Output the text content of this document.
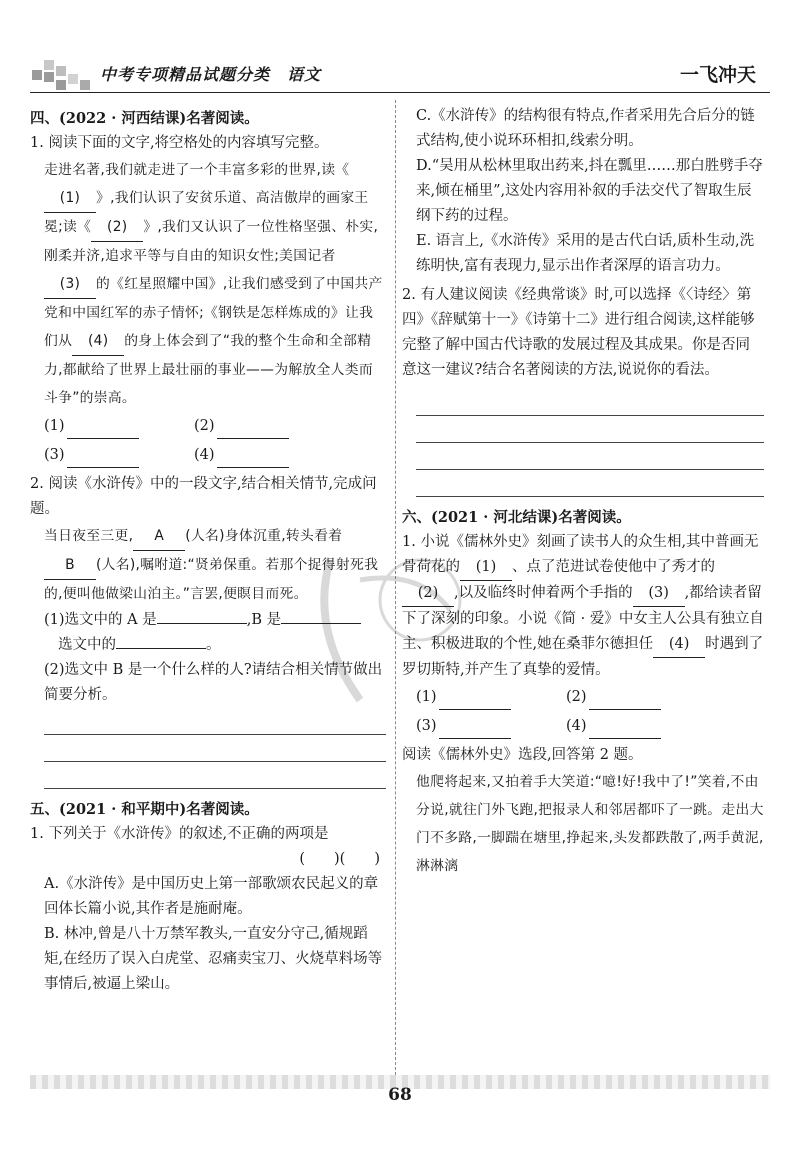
中考专项精品试题分类　语文	一飞冲天
四、(2022 · 河西结课)名著阅读。
1. 阅读下面的文字,将空格处的内容填写完整。
走进名著,我们就走进了一个丰富多彩的世界,读《(1) 》,我们认识了安贫乐道、高洁傲岸的画家王冕;读《 (2) 》,我们又认识了一位性格坚强、朴实,刚柔并济,追求平等与自由的知识女性;美国记者(3) 的《红星照耀中国》,让我们感受到了中国共产党和中国红军的赤子情怀;《钢铁是怎样炼成的》让我们从 (4) 的身上体会到了“我的整个生命和全部精力,都献给了世界上最壮丽的事业——为解放全人类而斗争”的崇高。
(1)	(2)
(3)	(4)
2. 阅读《水浒传》中的一段文字,结合相关情节,完成问题。
当日夜至三更, A (人名)身体沉重,转头看着B (人名),嘱咐道:“贤弟保重。若那个捉得射死我的,便叫他做梁山泊主。”言罢,便瞑目而死。
(1)选文中的 A 是	,B 是
选文中的	。
(2)选文中 B 是一个什么样的人?请结合相关情节做出简要分析。
五、(2021 · 和平期中)名著阅读。
1. 下列关于《水浒传》的叙述,不正确的两项是
(　　)(　　)
A.《水浒传》是中国历史上第一部歌颂农民起义的章回体长篇小说,其作者是施耐庵。
B. 林冲,曾是八十万禁军教头,一直安分守己,循规蹈矩,在经历了误入白虎堂、忍痛卖宝刀、火烧草料场等事情后,被逼上梁山。
C.《水浒传》的结构很有特点,作者采用先合后分的链式结构,使小说环环相扣,线索分明。
D.“吴用从松林里取出药来,抖在瓢里……那白胜劈手夺来,倾在桶里”,这处内容用补叙的手法交代了智取生辰纲下药的过程。
E. 语言上,《水浒传》采用的是古代白话,质朴生动,洗练明快,富有表现力,显示出作者深厚的语言功力。
2. 有人建议阅读《经典常谈》时,可以选择《〈诗经〉第四》《辞赋第十一》《诗第十二》进行组合阅读,这样能够完整了解中国古代诗歌的发展过程及其成果。你是否同意这一建议?结合名著阅读的方法,说说你的看法。
六、(2021 · 河北结课)名著阅读。
1. 小说《儒林外史》刻画了读书人的众生相,其中普画无骨荷花的 (1) 、点了范进试卷使他中了秀才的(2) ,以及临终时伸着两个手指的 (3) ,都给读者留下了深刻的印象。小说《简 · 爱》中女主人公具有独立自主、积极进取的个性,她在桑菲尔德担任 (4) 时遇到了罗切斯特,并产生了真挚的爱情。
(1)	(2)
(3)	(4)
阅读《儒林外史》选段,回答第 2 题。
他爬将起来,又拍着手大笑道:“噫!好!我中了!”笑着,不由分说,就往门外飞跑,把报录人和邻居都吓了一跳。走出大门不多路,一脚踹在塘里,挣起来,头发都跌散了,两手黄泥,淋淋漓
68
